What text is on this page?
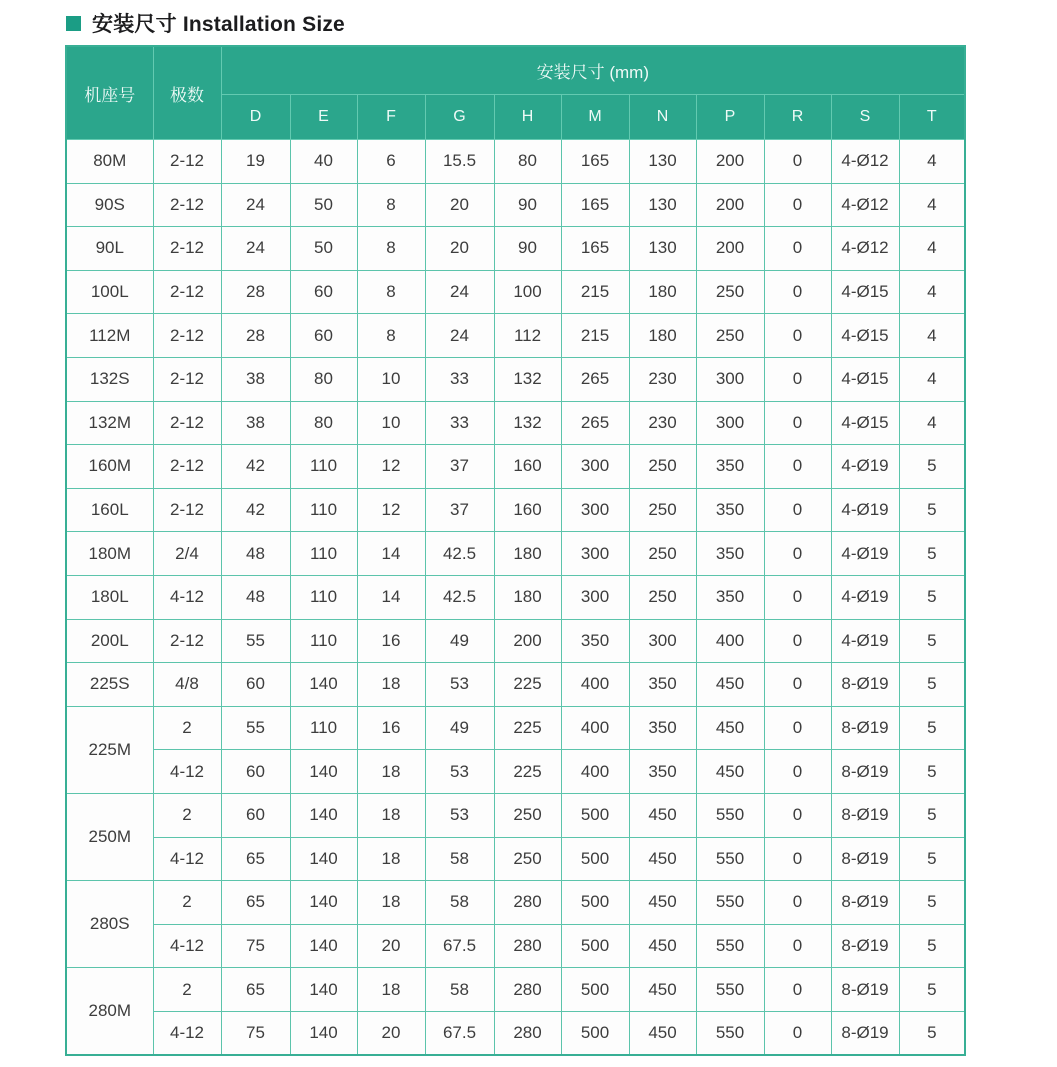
安装尺寸 Installation Size
机座号	极数	安装尺寸 (mm)										
		D	E	F	G	H	M	N	P	R	S	T
80M	2-12	19	40	6	15.5	80	165	130	200	0	4-Ø12	4
90S	2-12	24	50	8	20	90	165	130	200	0	4-Ø12	4
90L	2-12	24	50	8	20	90	165	130	200	0	4-Ø12	4
100L	2-12	28	60	8	24	100	215	180	250	0	4-Ø15	4
112M	2-12	28	60	8	24	112	215	180	250	0	4-Ø15	4
132S	2-12	38	80	10	33	132	265	230	300	0	4-Ø15	4
132M	2-12	38	80	10	33	132	265	230	300	0	4-Ø15	4
160M	2-12	42	110	12	37	160	300	250	350	0	4-Ø19	5
160L	2-12	42	110	12	37	160	300	250	350	0	4-Ø19	5
180M	2/4	48	110	14	42.5	180	300	250	350	0	4-Ø19	5
180L	4-12	48	110	14	42.5	180	300	250	350	0	4-Ø19	5
200L	2-12	55	110	16	49	200	350	300	400	0	4-Ø19	5
225S	4/8	60	140	18	53	225	400	350	450	0	8-Ø19	5
225M	2	55	110	16	49	225	400	350	450	0	8-Ø19	5
	4-12	60	140	18	53	225	400	350	450	0	8-Ø19	5
250M	2	60	140	18	53	250	500	450	550	0	8-Ø19	5
	4-12	65	140	18	58	250	500	450	550	0	8-Ø19	5
280S	2	65	140	18	58	280	500	450	550	0	8-Ø19	5
	4-12	75	140	20	67.5	280	500	450	550	0	8-Ø19	5
280M	2	65	140	18	58	280	500	450	550	0	8-Ø19	5
	4-12	75	140	20	67.5	280	500	450	550	0	8-Ø19	5
